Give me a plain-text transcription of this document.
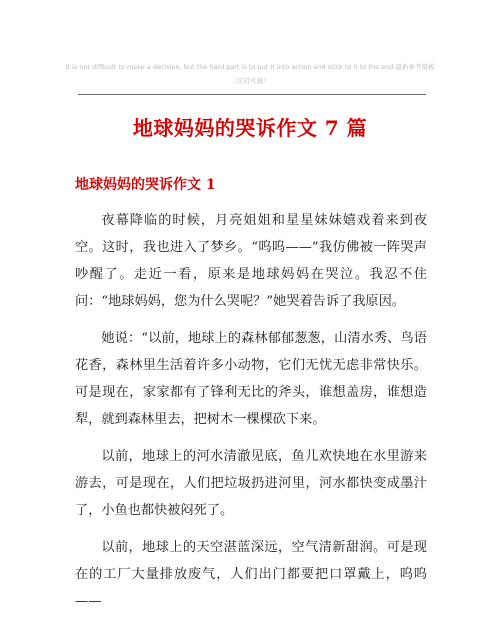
It is not difficult to make a decision, but the hard part is to put it into action and stick to it to the end.最新参考模板（页眉可删）
地球妈妈的哭诉作文 7 篇
地球妈妈的哭诉作文 1

夜幕降临的时候，月亮姐姐和星星妹妹嬉戏着来到夜空。这时，我也进入了梦乡。“呜呜——”我仿佛被一阵哭声吵醒了。走近一看，原来是地球妈妈在哭泣。我忍不住问：“地球妈妈，您为什么哭呢？”她哭着告诉了我原因。

她说：“以前，地球上的森林郁郁葱葱，山清水秀、鸟语花香，森林里生活着许多小动物，它们无忧无虑非常快乐。可是现在，家家都有了锋利无比的斧头，谁想盖房，谁想造犁，就到森林里去，把树木一棵棵砍下来。

以前，地球上的河水清澈见底，鱼儿欢快地在水里游来游去，可是现在，人们把垃圾扔进河里，河水都快变成墨汁了，小鱼也都快被闷死了。

以前，地球上的天空湛蓝深远，空气清新甜润。可是现在的工厂大量排放废气，人们出门都要把口罩戴上，呜呜——
